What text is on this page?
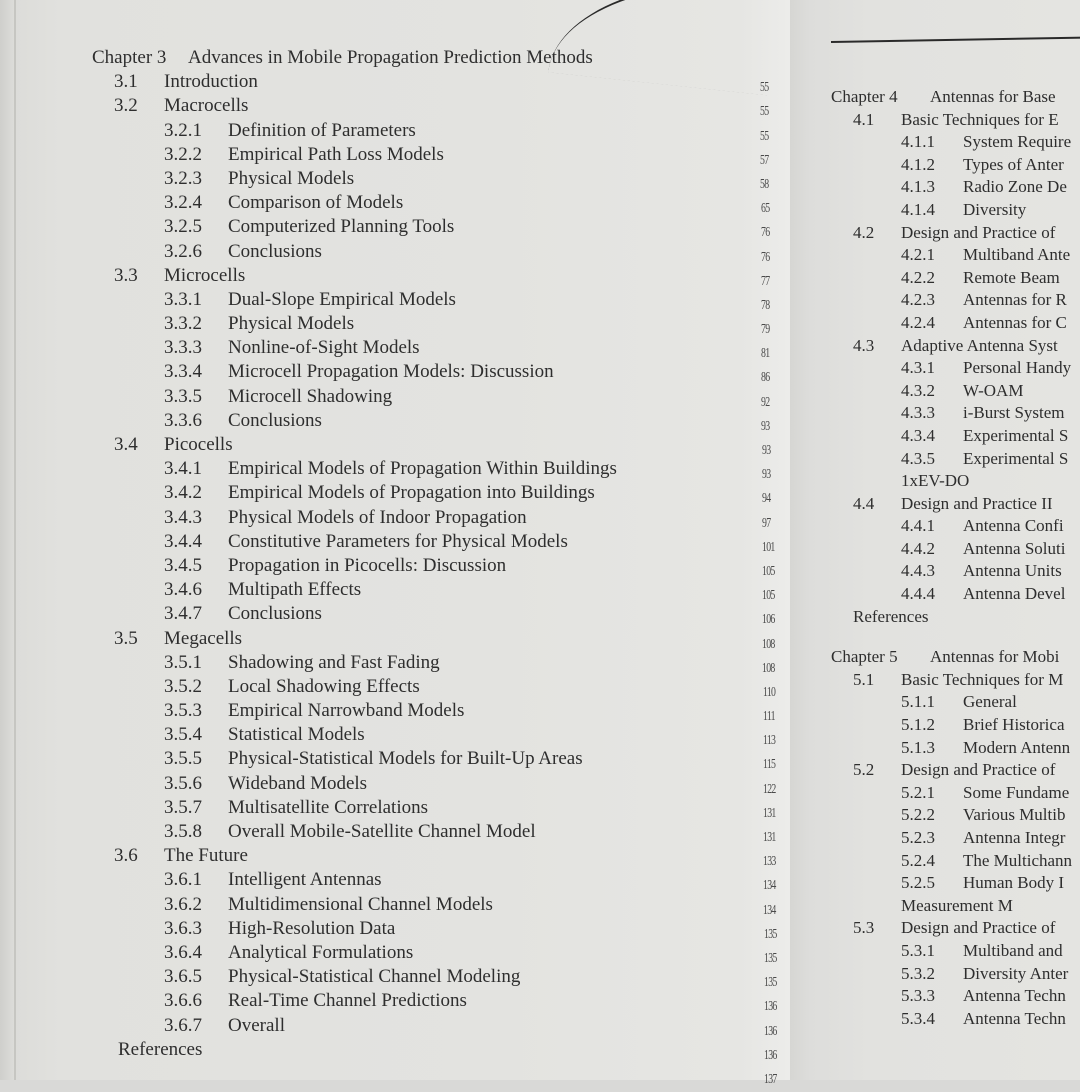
Chapter 3 Advances in Mobile Propagation Prediction Methods
3.1 Introduction	55
3.2 Macrocells	55
3.2.1 Definition of Parameters	55
3.2.2 Empirical Path Loss Models	57
3.2.3 Physical Models	58
3.2.4 Comparison of Models	65
3.2.5 Computerized Planning Tools	76
3.2.6 Conclusions	76
3.3 Microcells	77
3.3.1 Dual-Slope Empirical Models	78
3.3.2 Physical Models	79
3.3.3 Nonline-of-Sight Models	81
3.3.4 Microcell Propagation Models: Discussion	86
3.3.5 Microcell Shadowing	92
3.3.6 Conclusions	93
3.4 Picocells	93
3.4.1 Empirical Models of Propagation Within Buildings	93
3.4.2 Empirical Models of Propagation into Buildings	94
3.4.3 Physical Models of Indoor Propagation	97
3.4.4 Constitutive Parameters for Physical Models	101
3.4.5 Propagation in Picocells: Discussion	105
3.4.6 Multipath Effects	105
3.4.7 Conclusions	106
3.5 Megacells	108
3.5.1 Shadowing and Fast Fading	108
3.5.2 Local Shadowing Effects	110
3.5.3 Empirical Narrowband Models	111
3.5.4 Statistical Models	113
3.5.5 Physical-Statistical Models for Built-Up Areas	115
3.5.6 Wideband Models	122
3.5.7 Multisatellite Correlations	131
3.5.8 Overall Mobile-Satellite Channel Model	131
3.6 The Future	133
3.6.1 Intelligent Antennas	134
3.6.2 Multidimensional Channel Models	134
3.6.3 High-Resolution Data	135
3.6.4 Analytical Formulations	135
3.6.5 Physical-Statistical Channel Modeling	135
3.6.6 Real-Time Channel Predictions	136
3.6.7 Overall	136
References	136
137
Chapter 4 Antennas for Base
4.1 Basic Techniques for E
4.1.1 System Require
4.1.2 Types of Anter
4.1.3 Radio Zone De
4.1.4 Diversity
4.2 Design and Practice of
4.2.1 Multiband Ante
4.2.2 Remote Beam
4.2.3 Antennas for R
4.2.4 Antennas for C
4.3 Adaptive Antenna Syst
4.3.1 Personal Handy
4.3.2 W-OAM
4.3.3 i-Burst System
4.3.4 Experimental S
4.3.5 Experimental S
1xEV-DO
4.4 Design and Practice II
4.4.1 Antenna Confi
4.4.2 Antenna Soluti
4.4.3 Antenna Units
4.4.4 Antenna Devel
References
Chapter 5 Antennas for Mobi
5.1 Basic Techniques for M
5.1.1 General
5.1.2 Brief Historica
5.1.3 Modern Antenn
5.2 Design and Practice of
5.2.1 Some Fundame
5.2.2 Various Multib
5.2.3 Antenna Integr
5.2.4 The Multichann
5.2.5 Human Body I
Measurement M
5.3 Design and Practice of
5.3.1 Multiband and
5.3.2 Diversity Anter
5.3.3 Antenna Techn
5.3.4 Antenna Techn
